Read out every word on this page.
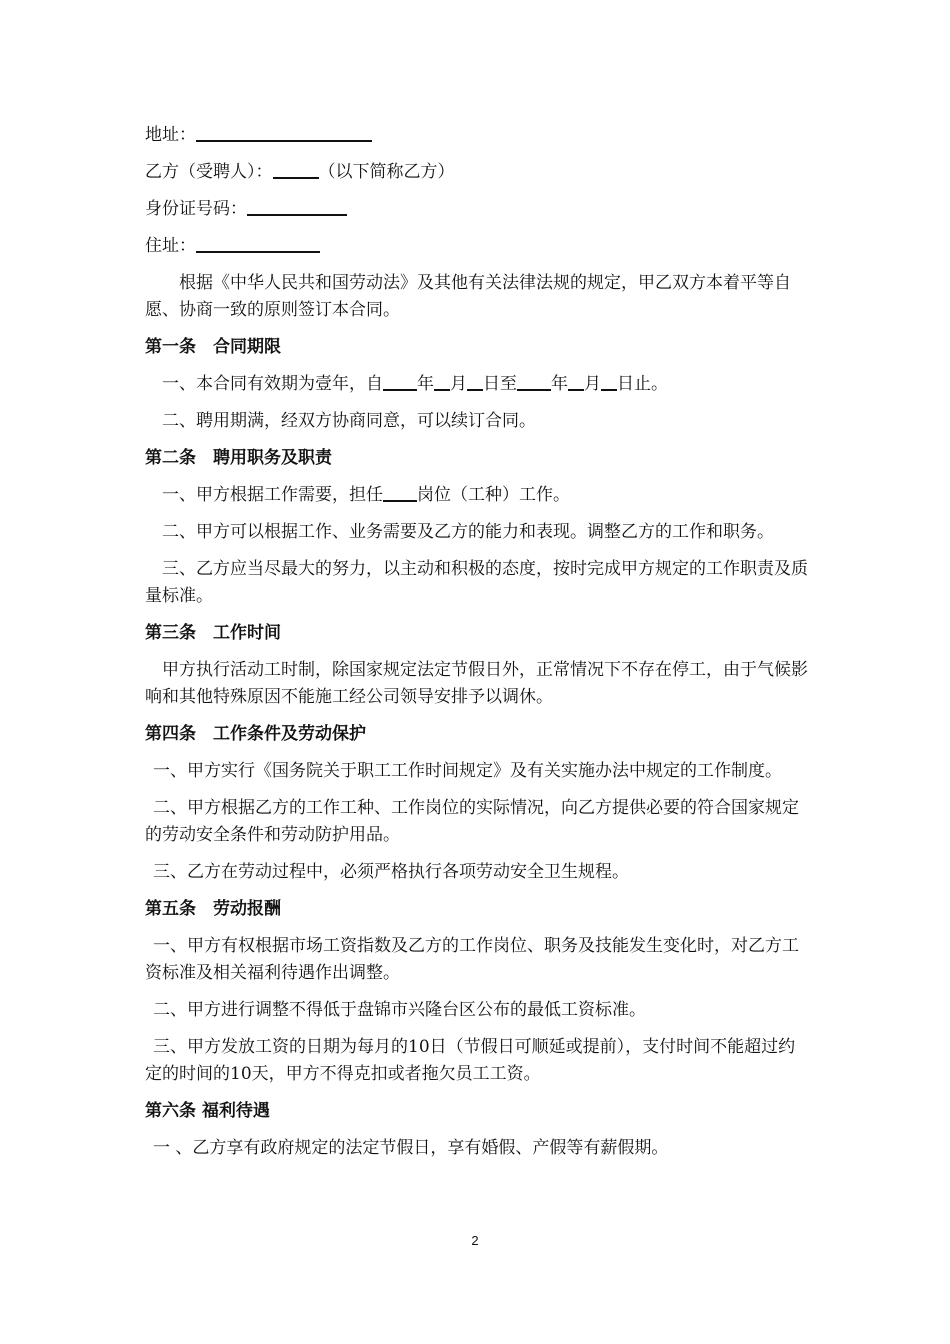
地址：
乙方（受聘人）：	（以下简称乙方）
身份证号码：
住址：

根据《中华人民共和国劳动法》及其他有关法律法规的规定，甲乙双方本着平等自愿、协商一致的原则签订本合同。

第一条　合同期限
一、本合同有效期为壹年，自 年 月 日至 年 月 日止。
二、聘用期满，经双方协商同意，可以续订合同。
第二条　聘用职务及职责
一、甲方根据工作需要，担任 岗位（工种）工作。

二、甲方可以根据工作、业务需要及乙方的能力和表现。调整乙方的工作和职务。

三、乙方应当尽最大的努力，以主动和积极的态度，按时完成甲方规定的工作职责及质量标准。

第三条　工作时间

甲方执行活动工时制，除国家规定法定节假日外，正常情况下不存在停工，由于气候影响和其他特殊原因不能施工经公司领导安排予以调休。

第四条　工作条件及劳动保护

一、甲方实行《国务院关于职工工作时间规定》及有关实施办法中规定的工作制度。

二、甲方根据乙方的工作工种、工作岗位的实际情况，向乙方提供必要的符合国家规定的劳动安全条件和劳动防护用品。

三、乙方在劳动过程中，必须严格执行各项劳动安全卫生规程。

第五条　劳动报酬

一、甲方有权根据市场工资指数及乙方的工作岗位、职务及技能发生变化时，对乙方工资标准及相关福利待遇作出调整。

二、甲方进行调整不得低于盘锦市兴隆台区公布的最低工资标准。

三、甲方发放工资的日期为每月的10日（节假日可顺延或提前），支付时间不能超过约定的时间的10天，甲方不得克扣或者拖欠员工工资。

第六条 福利待遇

一 、乙方享有政府规定的法定节假日，享有婚假、产假等有薪假期。

2
